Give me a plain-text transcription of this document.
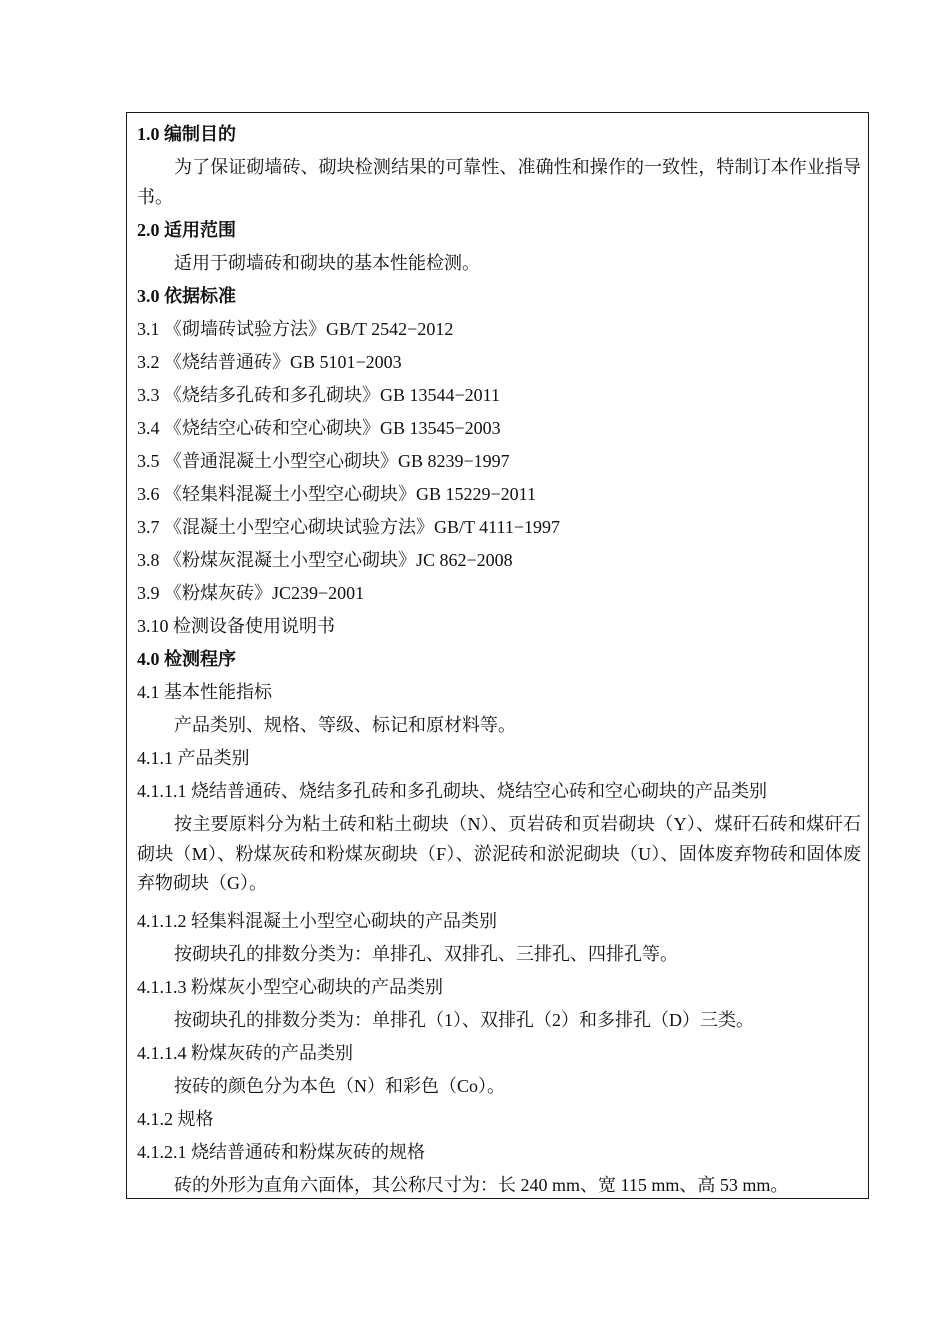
1.0 编制目的

为了保证砌墙砖、砌块检测结果的可靠性、准确性和操作的一致性，特制订本作业指导书。

2.0 适用范围
适用于砌墙砖和砌块的基本性能检测。
3.0 依据标准
3.1 《砌墙砖试验方法》GB/T 2542−2012
3.2 《烧结普通砖》GB 5101−2003
3.3 《烧结多孔砖和多孔砌块》GB 13544−2011
3.4 《烧结空心砖和空心砌块》GB 13545−2003
3.5 《普通混凝土小型空心砌块》GB 8239−1997
3.6 《轻集料混凝土小型空心砌块》GB 15229−2011
3.7 《混凝土小型空心砌块试验方法》GB/T 4111−1997
3.8 《粉煤灰混凝土小型空心砌块》JC 862−2008
3.9 《粉煤灰砖》JC239−2001
3.10 检测设备使用说明书
4.0 检测程序
4.1 基本性能指标
产品类别、规格、等级、标记和原材料等。
4.1.1 产品类别
4.1.1.1 烧结普通砖、烧结多孔砖和多孔砌块、烧结空心砖和空心砌块的产品类别

按主要原料分为粘土砖和粘土砌块（N）、页岩砖和页岩砌块（Y）、煤矸石砖和煤矸石砌块（M）、粉煤灰砖和粉煤灰砌块（F）、淤泥砖和淤泥砌块（U）、固体废弃物砖和固体废弃物砌块（G）。

4.1.1.2 轻集料混凝土小型空心砌块的产品类别
按砌块孔的排数分类为：单排孔、双排孔、三排孔、四排孔等。
4.1.1.3 粉煤灰小型空心砌块的产品类别
按砌块孔的排数分类为：单排孔（1）、双排孔（2）和多排孔（D）三类。
4.1.1.4 粉煤灰砖的产品类别
按砖的颜色分为本色（N）和彩色（Co）。
4.1.2 规格
4.1.2.1 烧结普通砖和粉煤灰砖的规格
砖的外形为直角六面体，其公称尺寸为：长 240 mm、宽 115 mm、高 53 mm。
